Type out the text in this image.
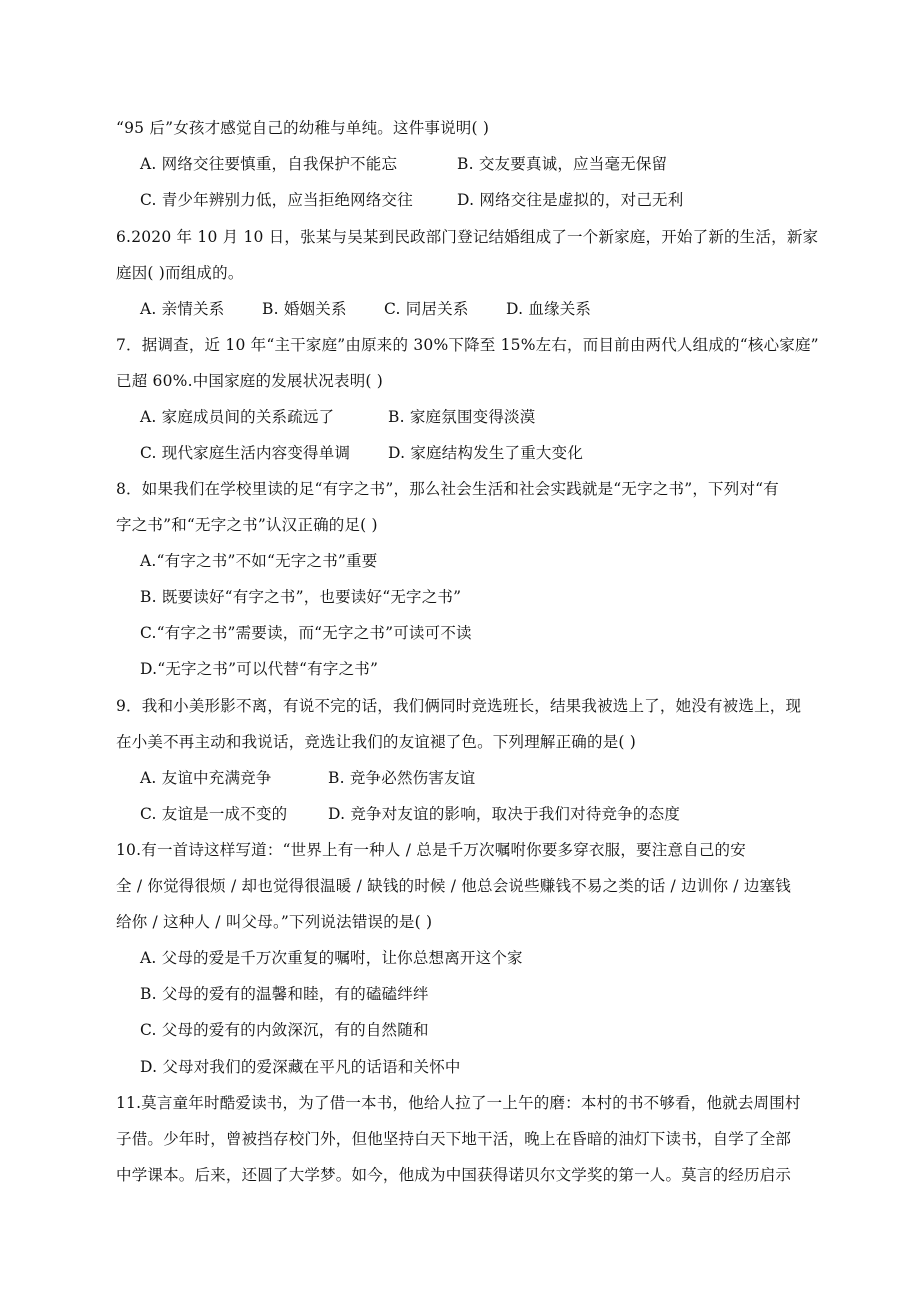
“95 后”女孩才感觉自己的幼稚与单纯。这件事说明( )
A. 网络交往要慎重，自我保护不能忘	B. 交友要真诚，应当毫无保留
C. 青少年辨别力低，应当拒绝网络交往	D. 网络交往是虚拟的，对己无利
6.2020 年 10 月 10 日，张某与吴某到民政部门登记结婚组成了一个新家庭，开始了新的生活，新家
庭因( )而组成的。
A. 亲情关系 B. 婚姻关系 C. 同居关系 D. 血缘关系
7．据调查，近 10 年“主干家庭”由原来的 30%下降至 15%左右，而目前由两代人组成的“核心家庭”
已超 60%.中国家庭的发展状况表明( )
A. 家庭成员间的关系疏远了	B. 家庭氛围变得淡漠
C. 现代家庭生活内容变得单调 D. 家庭结构发生了重大变化
8．如果我们在学校里读的足“有字之书”，那么社会生活和社会实践就是“无字之书”，下列对“有
字之书”和“无字之书”认汉正确的足( )
A.“有字之书”不如“无字之书”重要
B. 既要读好“有字之书”，也要读好“无字之书”
C.“有字之书”需要读，而“无字之书”可读可不读
D.“无字之书”可以代替“有字之书”
9．我和小美形影不离，有说不完的话，我们俩同时竞选班长，结果我被选上了，她没有被选上，现
在小美不再主动和我说话，竞选让我们的友谊褪了色。下列理解正确的是( )
A. 友谊中充满竞争	B. 竞争必然伤害友谊
C. 友谊是一成不变的	D. 竞争对友谊的影响，取决于我们对待竞争的态度
10.有一首诗这样写道：“世界上有一种人 / 总是千万次嘱咐你要多穿衣服，要注意自己的安
全 / 你觉得很烦 / 却也觉得很温暖 / 缺钱的时候 / 他总会说些赚钱不易之类的话 / 边训你 / 边塞钱
给你 / 这种人 / 叫父母。”下列说法错误的是( )
A. 父母的爱是千万次重复的嘱咐，让你总想离开这个家
B. 父母的爱有的温馨和睦，有的磕磕绊绊
C. 父母的爱有的内敛深沉，有的自然随和
D. 父母对我们的爱深藏在平凡的话语和关怀中
11.莫言童年时酷爱读书，为了借一本书，他给人拉了一上午的磨：本村的书不够看，他就去周围村
子借。少年时，曾被挡存校门外，但他坚持白天下地干活，晚上在昏暗的油灯下读书，自学了全部
中学课本。后来，还圆了大学梦。如今，他成为中国获得诺贝尔文学奖的第一人。莫言的经历启示
